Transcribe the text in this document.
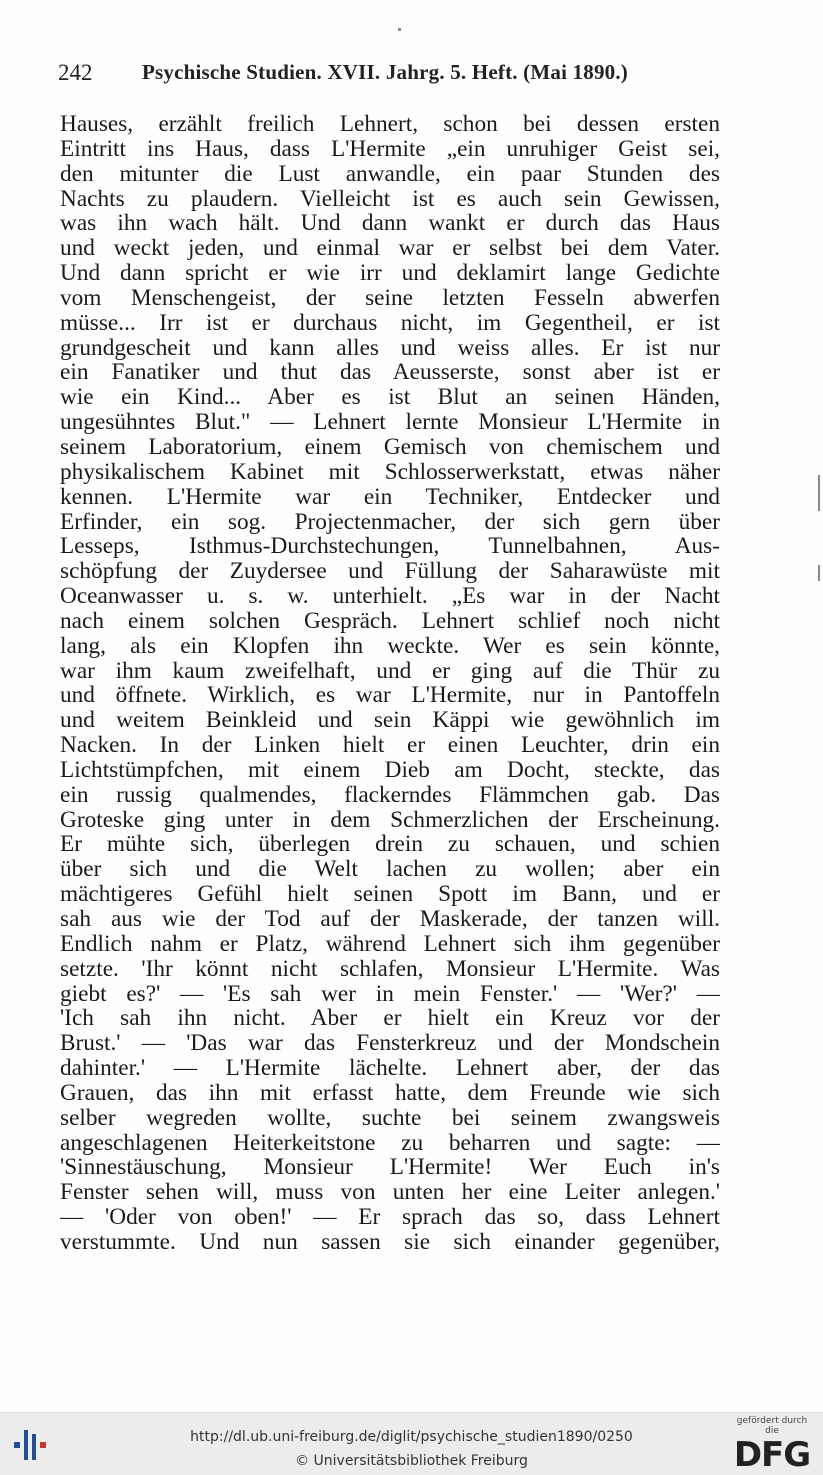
242 Psychische Studien. XVII. Jahrg. 5. Heft. (Mai 1890.)
Hauses, erzählt freilich Lehnert, schon bei dessen ersten
Eintritt ins Haus, dass L'Hermite „ein unruhiger Geist sei,
den mitunter die Lust anwandle, ein paar Stunden des
Nachts zu plaudern. Vielleicht ist es auch sein Gewissen,
was ihn wach hält. Und dann wankt er durch das Haus
und weckt jeden, und einmal war er selbst bei dem Vater.
Und dann spricht er wie irr und deklamirt lange Gedichte
vom Menschengeist, der seine letzten Fesseln abwerfen
müsse... Irr ist er durchaus nicht, im Gegentheil, er ist
grundgescheit und kann alles und weiss alles. Er ist nur
ein Fanatiker und thut das Aeusserste, sonst aber ist er
wie ein Kind... Aber es ist Blut an seinen Händen,
ungesühntes Blut." — Lehnert lernte Monsieur L'Hermite in
seinem Laboratorium, einem Gemisch von chemischem und
physikalischem Kabinet mit Schlosserwerkstatt, etwas näher
kennen. L'Hermite war ein Techniker, Entdecker und
Erfinder, ein sog. Projectenmacher, der sich gern über
Lesseps, Isthmus-Durchstechungen, Tunnelbahnen, Aus-
schöpfung der Zuydersee und Füllung der Saharawüste mit
Oceanwasser u. s. w. unterhielt. „Es war in der Nacht
nach einem solchen Gespräch. Lehnert schlief noch nicht
lang, als ein Klopfen ihn weckte. Wer es sein könnte,
war ihm kaum zweifelhaft, und er ging auf die Thür zu
und öffnete. Wirklich, es war L'Hermite, nur in Pantoffeln
und weitem Beinkleid und sein Käppi wie gewöhnlich im
Nacken. In der Linken hielt er einen Leuchter, drin ein
Lichtstümpfchen, mit einem Dieb am Docht, steckte, das
ein russig qualmendes, flackerndes Flämmchen gab. Das
Groteske ging unter in dem Schmerzlichen der Erscheinung.
Er mühte sich, überlegen drein zu schauen, und schien
über sich und die Welt lachen zu wollen; aber ein
mächtigeres Gefühl hielt seinen Spott im Bann, und er
sah aus wie der Tod auf der Maskerade, der tanzen will.
Endlich nahm er Platz, während Lehnert sich ihm gegenüber
setzte. 'Ihr könnt nicht schlafen, Monsieur L'Hermite. Was
giebt es?' — 'Es sah wer in mein Fenster.' — 'Wer?' —
'Ich sah ihn nicht. Aber er hielt ein Kreuz vor der
Brust.' — 'Das war das Fensterkreuz und der Mondschein
dahinter.' — L'Hermite lächelte. Lehnert aber, der das
Grauen, das ihn mit erfasst hatte, dem Freunde wie sich
selber wegreden wollte, suchte bei seinem zwangsweis
angeschlagenen Heiterkeitstone zu beharren und sagte: —
'Sinnestäuschung, Monsieur L'Hermite! Wer Euch in's
Fenster sehen will, muss von unten her eine Leiter anlegen.'
— 'Oder von oben!' — Er sprach das so, dass Lehnert
verstummte. Und nun sassen sie sich einander gegenüber,
http://dl.ub.uni-freiburg.de/diglit/psychische_studien1890/0250
© Universitätsbibliothek Freiburg
gefördert durch die
DFG
